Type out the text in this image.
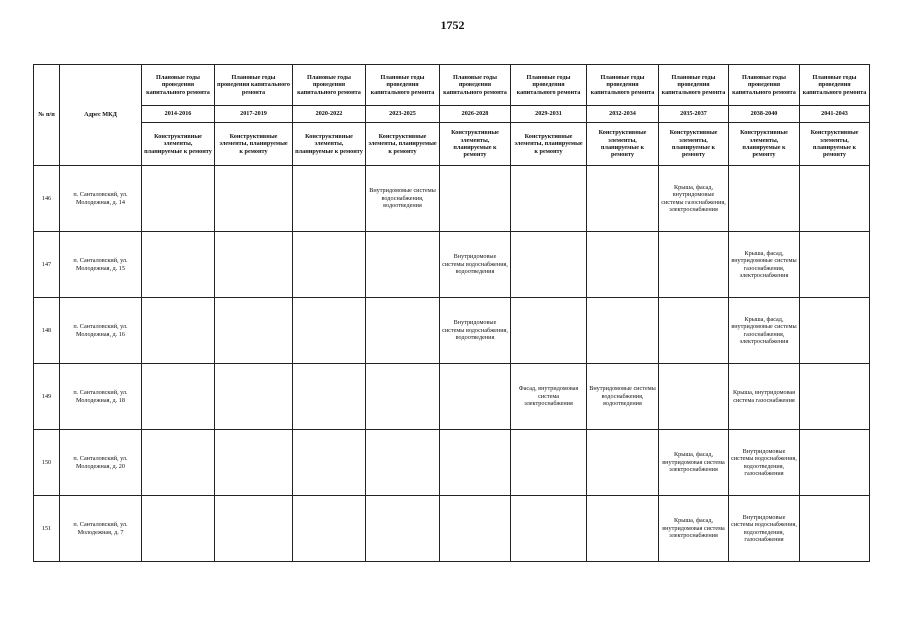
1752
№ п/п	Адрес МКД	Плановые годы проведения капитального ремонта	Плановые годы проведения капитального ремонта	Плановые годы проведения капитального ремонта	Плановые годы проведения капитального ремонта	Плановые годы проведения капитального ремонта	Плановые годы проведения капитального ремонта	Плановые годы проведения капитального ремонта	Плановые годы проведения капитального ремонта	Плановые годы проведения капитального ремонта	Плановые годы проведения капитального ремонта
		2014-2016	2017-2019	2020-2022	2023-2025	2026-2028	2029-2031	2032-2034	2035-2037	2038-2040	2041-2043
		Конструктивные элементы, планируемые к ремонту	Конструктивные элементы, планируемые к ремонту	Конструктивные элементы, планируемые к ремонту	Конструктивные элементы, планируемые к ремонту	Конструктивные элементы, планируемые к ремонту	Конструктивные элементы, планируемые к ремонту	Конструктивные элементы, планируемые к ремонту	Конструктивные элементы, планируемые к ремонту	Конструктивные элементы, планируемые к ремонту	Конструктивные элементы, планируемые к ремонту
146	п. Санталовский, ул. Молодежная, д. 14				Внутридомовые системы водоснабжения, водоотведения				Крыша, фасад, внутридомовые системы газоснабжения, электроснабжения		
147	п. Санталовский, ул. Молодежная, д. 15					Внутридомовые системы водоснабжения, водоотведения				Крыша, фасад, внутридомовые системы газоснабжения, электроснабжения	
148	п. Санталовский, ул. Молодежная, д. 16					Внутридомовые системы водоснабжения, водоотведения				Крыша, фасад, внутридомовые системы газоснабжения, электроснабжения	
149	п. Санталовский, ул. Молодежная, д. 18						Фасад, внутридомовая система электроснабжения	Внутридомовые системы водоснабжения, водоотведения		Крыша, внутридомовая система газоснабжения	
150	п. Санталовский, ул. Молодежная, д. 20								Крыша, фасад, внутридомовая система электроснабжения	Внутридомовые системы водоснабжения, водоотведения, газоснабжения	
151	п. Санталовский, ул. Молодежная, д. 7								Крыша, фасад, внутридомовая система электроснабжения	Внутридомовые системы водоснабжения, водоотведения, газоснабжения	
